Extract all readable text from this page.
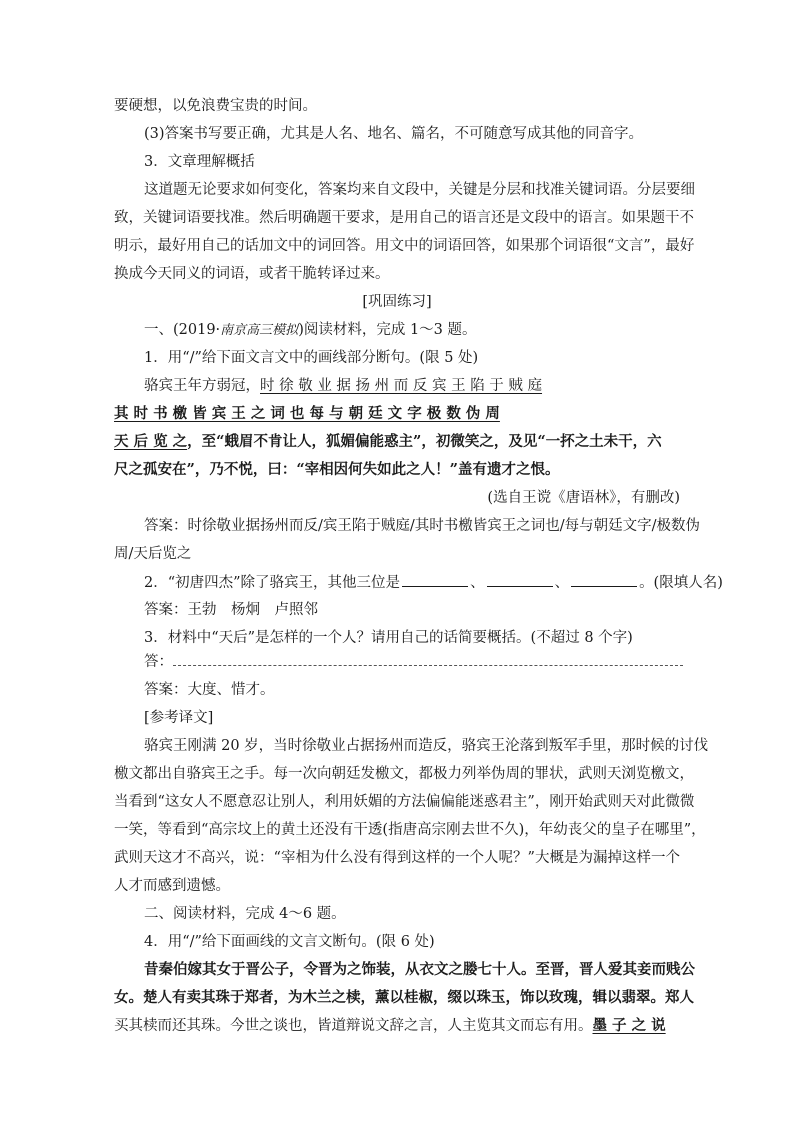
要硬想，以免浪费宝贵的时间。
(3)答案书写要正确，尤其是人名、地名、篇名，不可随意写成其他的同音字。
3．文章理解概括
这道题无论要求如何变化，答案均来自文段中，关键是分层和找准关键词语。分层要细
致，关键词语要找准。然后明确题干要求，是用自己的语言还是文段中的语言。如果题干不
明示，最好用自己的话加文中的词回答。用文中的词语回答，如果那个词语很“文言”，最好
换成今天同义的词语，或者干脆转译过来。
[巩固练习]
一、(2019·南京高三模拟)阅读材料，完成 1～3 题。
1．用“/”给下面文言文中的画线部分断句。(限 5 处)
骆宾王年方弱冠，时 徐 敬 业 据 扬 州 而 反 宾 王 陷 于 贼 庭
其 时 书 檄 皆 宾 王 之 词 也 每 与 朝 廷 文 字 极 数 伪 周
天 后 览 之，至“蛾眉不肯让人，狐媚偏能惑主”，初微笑之，及见“一抔之土未干，六
尺之孤安在”，乃不悦，曰：“宰相因何失如此之人！”盖有遗才之恨。
(选自王谠《唐语林》，有删改)
答案：时徐敬业据扬州而反/宾王陷于贼庭/其时书檄皆宾王之词也/每与朝廷文字/极数伪
周/天后览之
2．“初唐四杰”除了骆宾王，其他三位是	、	、	。(限填人名)
答案：王勃　杨炯　卢照邻
3．材料中“天后”是怎样的一个人？请用自己的话简要概括。(不超过 8 个字)
答：
答案：大度、惜才。
[参考译文]
骆宾王刚满 20 岁，当时徐敬业占据扬州而造反，骆宾王沦落到叛军手里，那时候的讨伐
檄文都出自骆宾王之手。每一次向朝廷发檄文，都极力列举伪周的罪状，武则天浏览檄文，
当看到“这女人不愿意忍让别人，利用妖媚的方法偏偏能迷惑君主”，刚开始武则天对此微微
一笑，等看到“高宗坟上的黄土还没有干透(指唐高宗刚去世不久)，年幼丧父的皇子在哪里”，
武则天这才不高兴，说：“宰相为什么没有得到这样的一个人呢？”大概是为漏掉这样一个
人才而感到遗憾。
二、阅读材料，完成 4～6 题。
4．用“/”给下面画线的文言文断句。(限 6 处)
昔秦伯嫁其女于晋公子，令晋为之饰装，从衣文之媵七十人。至晋，晋人爱其妾而贱公
女。楚人有卖其珠于郑者，为木兰之椟，薰以桂椒，缀以珠玉，饰以玫瑰，辑以翡翠。郑人
买其椟而还其珠。今世之谈也，皆道辩说文辞之言，人主览其文而忘有用。墨 子 之 说
